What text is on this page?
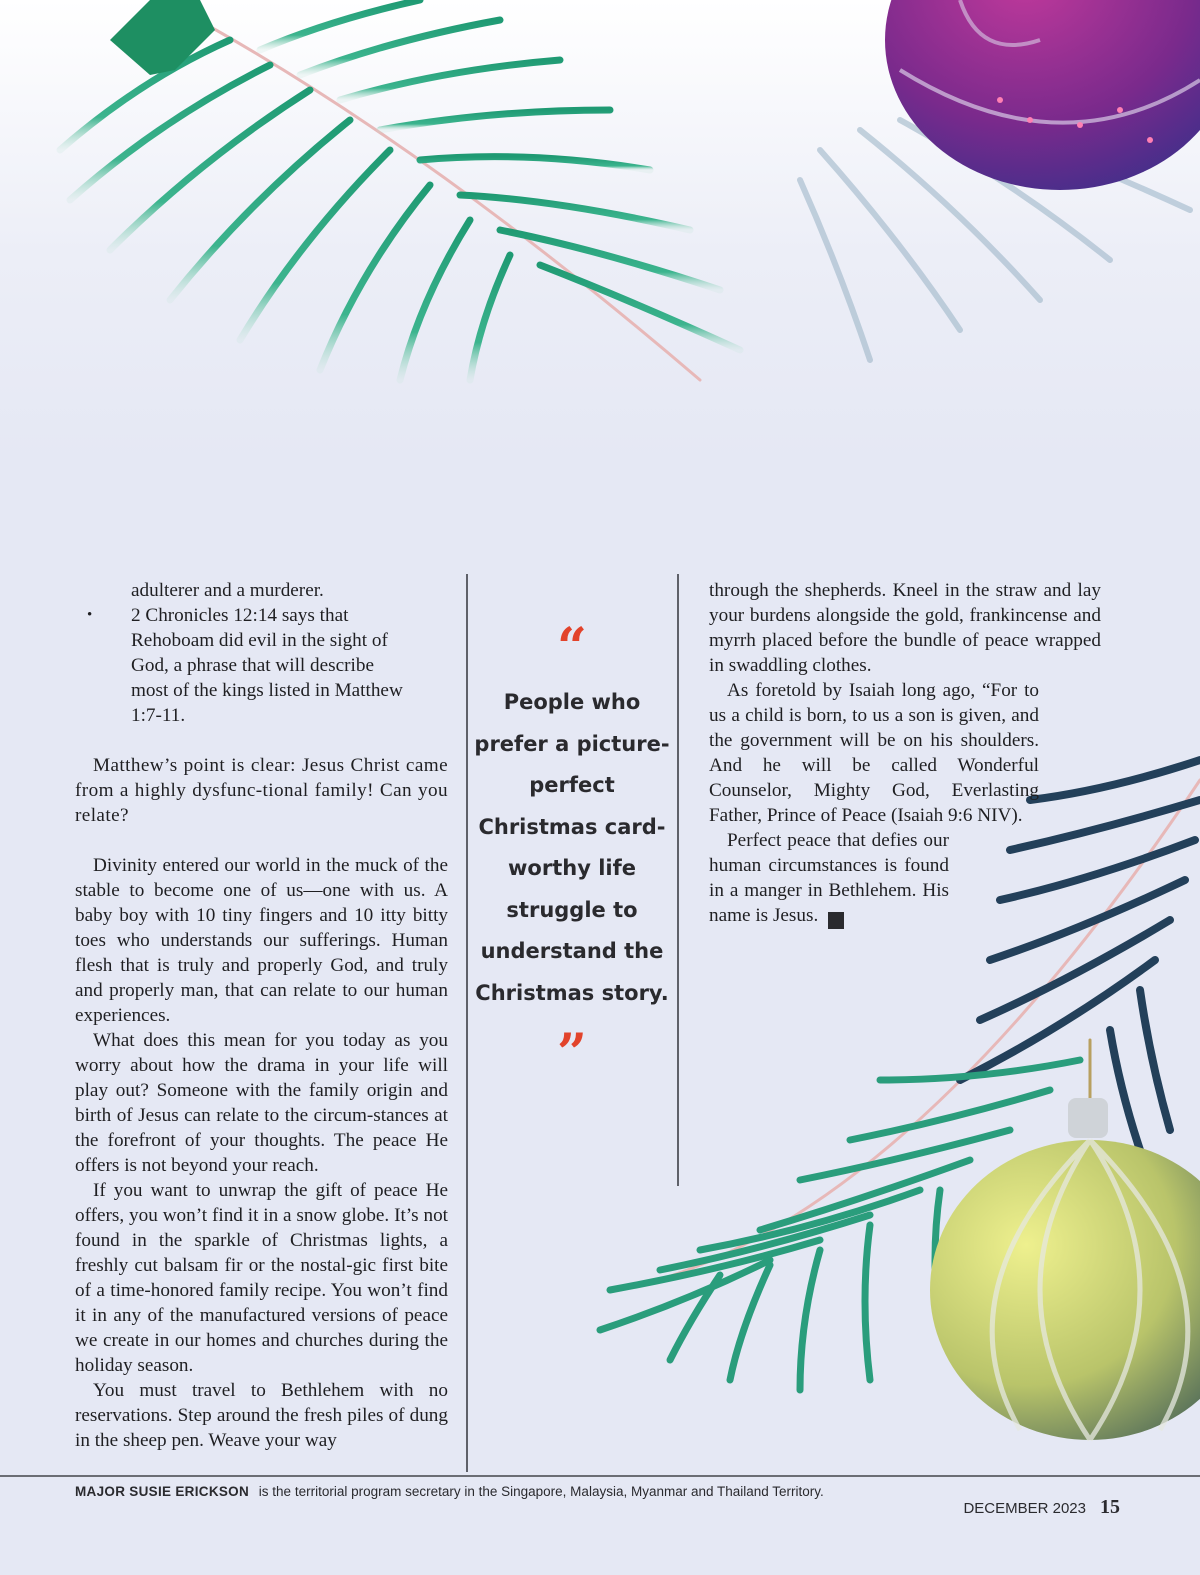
adulterer and a murderer.
• 2 Chronicles 12:14 says that
Rehoboam did evil in the sight of
God, a phrase that will describe
most of the kings listed in Matthew
1:7-11.

Matthew’s point is clear: Jesus Christ came from a highly dysfunc-tional family! Can you relate?

Divinity entered our world in the muck of the stable to become one of us—one with us. A baby boy with 10 tiny fingers and 10 itty bitty toes who understands our sufferings. Human flesh that is truly and properly God, and truly and properly man, that can relate to our human experiences.

What does this mean for you today as you worry about how the drama in your life will play out? Someone with the family origin and birth of Jesus can relate to the circum-stances at the forefront of your thoughts. The peace He offers is not beyond your reach.

If you want to unwrap the gift of peace He offers, you won’t find it in a snow globe. It’s not found in the sparkle of Christmas lights, a freshly cut balsam fir or the nostal-gic first bite of a time-honored family recipe. You won’t find it in any of the manufactured versions of peace we create in our homes and churches during the holiday season.

You must travel to Bethlehem with no reservations. Step around the fresh piles of dung in the sheep pen. Weave your way

“
People who prefer a picture-perfect Christmas card-worthy life struggle to understand the Christmas story.
”

through the shepherds. Kneel in the straw and lay your burdens alongside the gold, frankincense and myrrh placed before the bundle of peace wrapped in swaddling clothes.

As foretold by Isaiah long ago, “For to us a child is born, to us a son is given, and the government will be on his shoulders. And he will be called Wonderful Counselor, Mighty God, Everlasting Father, Prince of Peace (Isaiah 9:6 NIV).

Perfect peace that defies our human circumstances is found in a manger in Bethlehem. His name is Jesus.	WC

MAJOR SUSIE ERICKSON is the territorial program secretary in the Singapore, Malaysia, Myanmar and Thailand Territory.
DECEMBER 2023 15
